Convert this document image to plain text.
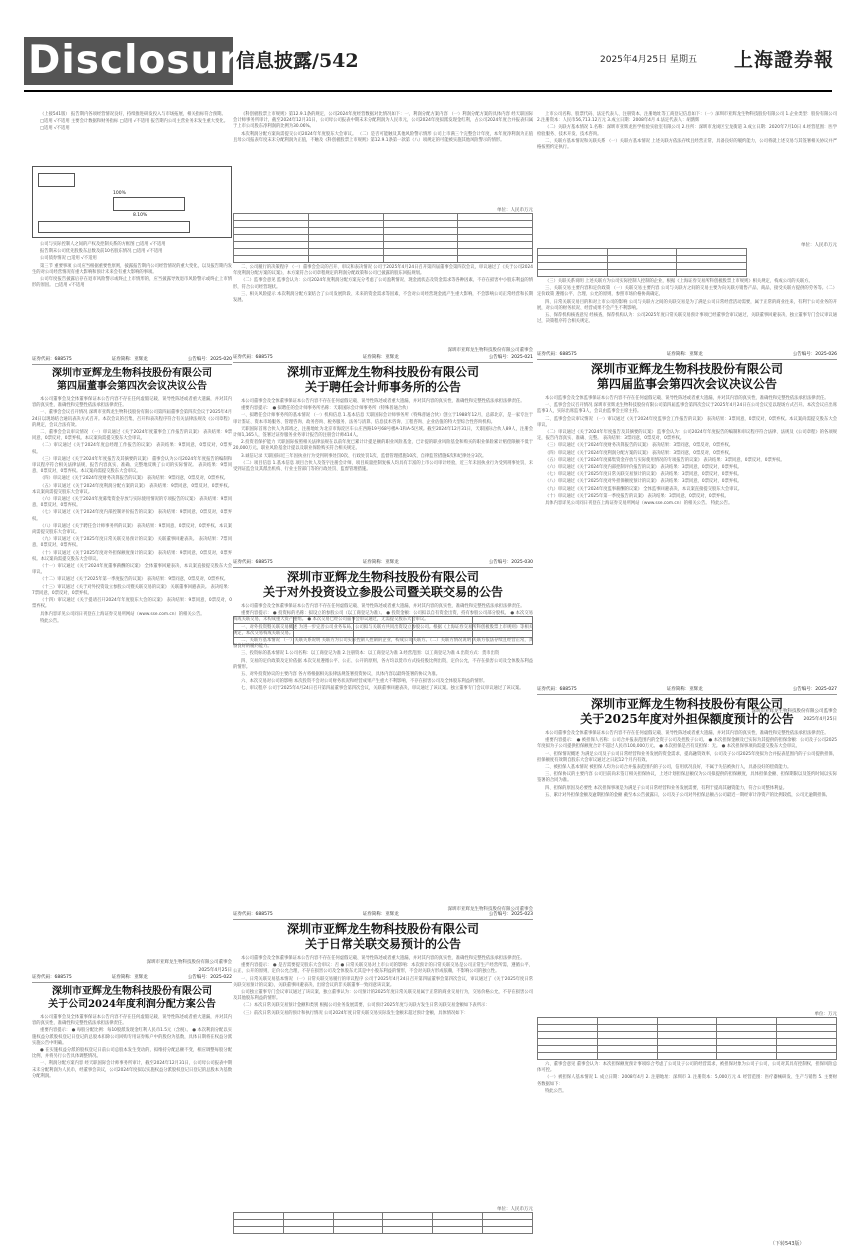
Disclosure
信息披露/542	2025年4月25日 星期五 上海證券報

（上接541版） 报告期内各项经营情况良好，持续推进研发投入与市场拓展，相关指标符合预期。

□适用 √不适用 主要会计数据和财务指标 □适用 √不适用 报告期内公司主营业务未发生重大变化。

□适用 √不适用

100%
8.10%

公司与实际控制人之间的产权及控制关系的方框图 □适用 √不适用

报告期末公司优先股股东总数及前10名股东情况 □适用 √不适用

公司债券情况 □适用 √不适用

第三节 重要事项 公司应当根据重要性原则，披露报告期内公司经营情况的重大变化，以及报告期内发生的对公司经营情况有重大影响和预计未来会有重大影响的事项。

公司年度报告披露后存在退市风险警示或终止上市情形的，应当披露导致退市风险警示或终止上市情形的原因。 □适用 √不适用

证券代码：688575	证券简称：亚辉龙	公告编号：2025-020
深圳市亚辉龙生物科技股份有限公司
第四届董事会第四次会议决议公告

本公司董事会及全体董事保证本公告内容不存在任何虚假记载、误导性陈述或者重大遗漏，并对其内容的真实性、准确性和完整性依法承担法律责任。

一、董事会会议召开情况 深圳市亚辉龙生物科技股份有限公司第四届董事会第四次会议于2025年4月24日以现场结合通讯表决方式召开。本次会议的召集、召开和表决程序符合有关法律法规及《公司章程》的规定，会议合法有效。

二、董事会会议审议情况 （一）审议通过《关于2024年度董事会工作报告的议案》 表决结果：9票同意，0票反对，0票弃权。本议案尚需提交股东大会审议。

（二）审议通过《关于2024年度总经理工作报告的议案》 表决结果：9票同意，0票反对，0票弃权。

（三）审议通过《关于2024年年度报告及其摘要的议案》 董事会认为公司2024年年度报告的编制和审议程序符合相关法律法规，报告内容真实、准确、完整地反映了公司的实际情况。 表决结果：9票同意，0票反对，0票弃权。本议案尚需提交股东大会审议。

（四）审议通过《关于2024年度财务决算报告的议案》 表决结果：9票同意，0票反对，0票弃权。

（五）审议通过《关于2024年度利润分配方案的议案》 表决结果：9票同意，0票反对，0票弃权。本议案尚需提交股东大会审议。

（六）审议通过《关于2024年度募集资金存放与实际使用情况的专项报告的议案》 表决结果：9票同意，0票反对，0票弃权。

（七）审议通过《关于2024年度内部控制评价报告的议案》 表决结果：9票同意，0票反对，0票弃权。

（八）审议通过《关于聘任会计师事务所的议案》 表决结果：9票同意，0票反对，0票弃权。本议案尚需提交股东大会审议。

（九）审议通过《关于2025年度日常关联交易预计的议案》 关联董事回避表决。 表决结果：7票同意，0票反对，0票弃权。

（十）审议通过《关于2025年度对外担保额度预计的议案》 表决结果：9票同意，0票反对，0票弃权。本议案尚需提交股东大会审议。

（十一）审议通过《关于2024年度董事薪酬的议案》 全体董事回避表决，本议案直接提交股东大会审议。

（十二）审议通过《关于2025年第一季度报告的议案》 表决结果：9票同意，0票反对，0票弃权。

（十三）审议通过《关于对外投资设立参股公司暨关联交易的议案》 关联董事回避表决。 表决结果：7票同意，0票反对，0票弃权。

（十四）审议通过《关于提请召开2024年年度股东大会的议案》 表决结果：9票同意，0票反对，0票弃权。

具体内容详见公司同日刊登在上海证券交易所网站（www.sse.com.cn）的相关公告。

特此公告。

深圳市亚辉龙生物科技股份有限公司董事会
2025年4月25日
证券代码：688575	证券简称：亚辉龙	公告编号：2025-022
深圳市亚辉龙生物科技股份有限公司
关于公司2024年度利润分配方案公告

本公司董事会及全体董事保证本公告内容不存在任何虚假记载、误导性陈述或者重大遗漏，并对其内容的真实性、准确性和完整性依法承担法律责任。

重要内容提示： ● 每股分配比例：每10股派发现金红利人民币1.5元（含税）。 ● 本次利润分配以实施权益分派股权登记日登记的总股本扣除公司回购专用证券账户中的股份为基数，具体日期将在权益分派实施公告中明确。

● 在实施权益分派的股权登记日前公司总股本发生变动的，拟维持分配总额不变，相应调整每股分配比例，并将另行公告具体调整情况。

一、利润分配方案内容 经天职国际会计师事务所审计，截至2024年12月31日，公司母公司报表中期末未分配利润为人民币，经董事会决议，公司2024年度拟以实施权益分派股权登记日登记的总股本为基数分配利润。

《科创板股票上市规则》第12.9.1条的规定，公司2024年度经营数据对比情况如下：一、利润分配方案内容 （一）利润分配方案的具体内容 经天职国际会计师事务所审计，截至2024年12月31日，公司母公司报表中期末未分配利润为人民币元，公司2024年度拟派发现金红利，占公司2024年度合并报表归属于上市公司股东净利润的比例为30.06%。

本次利润分配方案尚需提交公司2024年年度股东大会审议。 （二）是否可能触及其他风险警示情形 公司上市满三个完整会计年度，本年度净利润为正值且母公司报表年度末未分配利润为正值，不触及《科创板股票上市规则》第12.9.1条第一款第（八）项规定的可能被实施其他风险警示的情形。

单位：人民币万元

二、公司履行的决策程序 （一）董事会会议的召开、审议和表决情况 公司于2025年4月24日召开第四届董事会第四次会议，审议通过了《关于公司2024年度利润分配方案的议案》，本方案符合公司章程规定的利润分配政策和公司已披露的股东回报规划。

（二）监事会意见 监事会认为：公司2024年度利润分配方案充分考虑了公司盈利情况、现金流状态及资金需求等各种因素，不存在损害中小股东利益的情形，符合公司经营现状。

三、相关风险提示 本次利润分配方案结合了公司发展阶段、未来的资金需求等因素，不会对公司经营现金流产生重大影响，不会影响公司正常经营和长期发展。

深圳市亚辉龙生物科技股份有限公司董事会
证券代码：688575	证券简称：亚辉龙	公告编号：2025-021
深圳市亚辉龙生物科技股份有限公司
关于聘任会计师事务所的公告

本公司董事会及全体董事保证本公告内容不存在任何虚假记载、误导性陈述或者重大遗漏，并对其内容的真实性、准确性和完整性依法承担法律责任。

重要内容提示： ● 拟聘任的会计师事务所名称：天职国际会计师事务所（特殊普通合伙）

一、拟聘任会计师事务所的基本情况 （一）机构信息 1.基本信息 天职国际会计师事务所（特殊普通合伙）创立于1988年12月，总部北京，是一家专注于审计鉴证、资本市场服务、管理咨询、政务咨询、税务服务、法务与清算、信息技术咨询、工程咨询、企业估值的特大型综合性咨询机构。

天职国际首席合伙人为邱靖之，注册地址为北京市海淀区车公庄西路19号68号楼A-1和A-5区域。截至2024年12月31日，天职国际合伙人89人，注册会计师1,165人，签署过证券服务业务审计报告的注册会计师414人。

2.投资者保护能力 天职国际按照相关法律法规在以前年度已累计计提足额的职业风险基金，已计提的职业风险基金和购买的职业保险累计赔偿限额不低于20,000万元。职业风险基金计提以及职业保险购买符合相关规定。

3.诚信记录 天职国际近三年因执业行为受到刑事处罚0次、行政处罚1次、监督管理措施10次、自律监管措施6次和纪律处分3次。

（二）项目信息 1.基本信息 项目合伙人及签字注册会计师、项目质量控制复核人均具有丰富的上市公司审计经验，近三年未因执业行为受到刑事处罚，未受到证监会及其派出机构、行业主管部门等的行政处罚、监督管理措施。

证券代码：688575	证券简称：亚辉龙	公告编号：2025-023
深圳市亚辉龙生物科技股份有限公司
关于日常关联交易预计的公告

本公司董事会及全体董事保证本公告内容不存在任何虚假记载、误导性陈述或者重大遗漏，并对其内容的真实性、准确性和完整性依法承担法律责任。

重要内容提示： ● 是否需要提交股东大会审议：否 ● 日常关联交易对上市公司的影响：本次预计的日常关联交易是公司正常生产经营所需，遵循公平、公正、公开的原则，定价公允合理，不存在损害公司及全体股东尤其是中小股东利益的情形，不会对关联方形成依赖，不影响公司的独立性。

一、日常关联交易基本情况 （一）日常关联交易履行的审议程序 公司于2025年4月24日召开第四届董事会第四次会议，审议通过了《关于2025年度日常关联交易预计的议案》，关联董事回避表决，出席会议的非关联董事一致同意该议案。

公司独立董事专门会议审议通过了该议案，独立董事认为：公司预计的2025年度日常关联交易属于正常的商业交易行为，交易价格公允，不存在损害公司及其他股东利益的情形。

（二）本次日常关联交易预计金额和类别 根据公司业务发展需要，公司预计2025年度与关联方发生日常关联交易金额如下表所示：

（三）前次日常关联交易的预计和执行情况 公司2024年度日常关联交易实际发生金额未超过预计金额，具体情况如下：

单位：人民币万元

上市公司名称、股票代码、法定代表人、注册资本、注册地址等工商登记信息如下：（一）深圳市亚辉龙生物科技股份有限公司 1.企业类型：股份有限公司 2.注册资本：人民币56,713.12万元 3.成立日期：2008年4月 4.法定代表人：胡鹍辉

（二）关联方基本情况 1.名称：深圳市亚辉龙医学检验实验室有限公司 2.住所：深圳市龙岗区宝龙街道 3.成立日期：2020年7月10日 4.经营范围：医学检验服务、技术开发、技术咨询。

二、关联方基本情况和关联关系 （一）关联方基本情况 上述关联方依法存续且经营正常，具备良好的履约能力，公司将就上述交易与其签署相关协议并严格按照约定执行。

单位：人民币万元

（三）关联关系说明 上述关联方为公司实际控制人控制的企业，根据《上海证券交易所科创板股票上市规则》相关规定，构成公司的关联方。

三、关联交易主要内容和定价政策 （一）关联交易主要内容 公司与关联方之间的交易主要为向关联方销售产品、商品，接受关联方提供的劳务等。（二）定价政策 遵循公平、合理、公允的原则，参照市场价格协商确定。

四、日常关联交易目的和对上市公司的影响 公司与关联方之间的关联交易是为了满足公司日常经营活动需要，属于正常的商业往来，有利于公司业务的开展，对公司的财务状况、经营成果不会产生不利影响。

五、保荐机构核查意见 经核查，保荐机构认为：公司2025年度日常关联交易预计事项已经董事会审议通过，关联董事回避表决，独立董事专门会议审议通过，决策程序符合相关规定。

证券代码：688575	证券简称：亚辉龙	公告编号：2025-026
深圳市亚辉龙生物科技股份有限公司
第四届监事会第四次会议决议公告

本公司监事会及全体监事保证本公告内容不存在任何虚假记载、误导性陈述或者重大遗漏，并对其内容的真实性、准确性和完整性依法承担法律责任。

一、监事会会议召开情况 深圳市亚辉龙生物科技股份有限公司第四届监事会第四次会议于2025年4月24日在公司会议室以现场方式召开。本次会议应出席监事3人，实际出席监事3人，会议由监事会主席主持。

二、监事会会议审议情况 （一）审议通过《关于2024年度监事会工作报告的议案》 表决结果：3票同意，0票反对，0票弃权。本议案尚需提交股东大会审议。

（二）审议通过《关于2024年年度报告及其摘要的议案》 监事会认为：公司2024年年度报告的编制和审议程序符合法律、法规及《公司章程》的各项规定，报告内容真实、准确、完整。 表决结果：3票同意，0票反对，0票弃权。

（三）审议通过《关于2024年度财务决算报告的议案》 表决结果：3票同意，0票反对，0票弃权。

（四）审议通过《关于2024年度利润分配方案的议案》 表决结果：3票同意，0票反对，0票弃权。

（五）审议通过《关于2024年度募集资金存放与实际使用情况的专项报告的议案》 表决结果：3票同意，0票反对，0票弃权。

（六）审议通过《关于2024年度内部控制评价报告的议案》 表决结果：3票同意，0票反对，0票弃权。

（七）审议通过《关于2025年度日常关联交易预计的议案》 表决结果：3票同意，0票反对，0票弃权。

（八）审议通过《关于2025年度对外担保额度预计的议案》 表决结果：3票同意，0票反对，0票弃权。

（九）审议通过《关于2024年度监事薪酬的议案》 全体监事回避表决，本议案直接提交股东大会审议。

（十）审议通过《关于2025年第一季度报告的议案》 表决结果：3票同意，0票反对，0票弃权。

具体内容详见公司同日刊登在上海证券交易所网站（www.sse.com.cn）的相关公告。 特此公告。

深圳市亚辉龙生物科技股份有限公司监事会
2025年4月25日
证券代码：688575	证券简称：亚辉龙	公告编号：2025-027
深圳市亚辉龙生物科技股份有限公司
关于2025年度对外担保额度预计的公告

本公司董事会及全体董事保证本公告内容不存在任何虚假记载、误导性陈述或者重大遗漏，并对其内容的真实性、准确性和完整性依法承担法律责任。

重要内容提示： ● 被担保人名称：公司合并报表范围内的全资子公司及控股子公司。 ● 本次担保金额及已实际为其提供的担保余额：公司及子公司2025年度拟为子公司提供担保额度合计不超过人民币100,000万元。 ● 本次担保是否有反担保：无。 ● 本次担保事项尚需提交股东大会审议。

一、担保情况概述 为满足公司及子公司日常经营和业务发展的资金需求，提高融资效率，公司及子公司2025年度拟为合并报表范围内的子公司提供担保，担保额度有效期自股东大会审议通过之日起12个月内有效。

二、被担保人基本情况 被担保人均为公司合并报表范围内的子公司，信用状况良好，不属于失信被执行人，具备良好的偿债能力。

三、担保协议的主要内容 公司目前尚未签订相关担保协议，上述计划担保总额仅为公司拟提供的担保额度，具体担保金额、担保期限以及签约时间以实际签署的合同为准。

四、担保的原因及必要性 本次担保事项是为满足子公司日常经营和业务发展需要，有利于提高其融资能力，符合公司整体利益。

五、累计对外担保金额及逾期担保的金额 截至本公告披露日，公司及子公司对外担保总额占公司最近一期经审计净资产的比例较低，公司无逾期担保。

单位：万元

六、董事会意见 董事会认为：本次担保额度预计事项综合考虑了公司及子公司的经营需求，被担保对象为公司子公司，公司对其具有控制权，担保风险总体可控。

（一）被担保人基本情况 1. 成立日期：2008年4月 2. 注册地址：深圳市 3. 注册资本：5,000万元 4. 经营范围：医疗器械研发、生产与销售 5. 主要财务数据如下：

特此公告。

证券代码：688575	证券简称：亚辉龙	公告编号：2025-030
深圳市亚辉龙生物科技股份有限公司
关于对外投资设立参股公司暨关联交易的公告

本公司董事会及全体董事保证本公告内容不存在任何虚假记载、误导性陈述或者重大遗漏，并对其内容的真实性、准确性和完整性依法承担法律责任。

重要内容提示： ● 投资标的名称：拟设立的参股公司（以工商登记为准）。 ● 投资金额：公司拟以自有资金出资，持有参股公司部分股权。 ● 本次交易构成关联交易，未构成重大资产重组。 ● 本次交易已经公司董事会审议通过，无需提交股东大会审议。

一、对外投资暨关联交易概述 为进一步完善公司业务布局，公司拟与关联方共同出资设立参股公司。根据《上海证券交易所科创板股票上市规则》等相关规定，本次交易构成关联交易。

二、关联方基本情况 （一）关联关系说明 关联方为公司实际控制人控制的企业，构成公司关联方。（二）关联方情况说明 关联方依法存续且经营正常，具备良好的履约能力。

三、投资标的基本情况 1.公司名称：以工商登记为准 2.注册资本：以工商登记为准 3.经营范围：以工商登记为准 4.出资方式：货币出资

四、交易的定价政策及定价依据 本次交易遵循公平、公正、公开的原则，各方均以货币方式按持股比例出资，定价公允，不存在损害公司及全体股东利益的情形。

五、对外投资协议的主要内容 各方将根据相关法律法规签署投资协议，具体内容以最终签署的协议为准。

六、本次交易对公司的影响 本次投资不会对公司财务状况和经营成果产生重大不利影响，不存在损害公司及全体股东利益的情形。

七、审议程序 公司于2025年4月24日召开第四届董事会第四次会议，关联董事回避表决，审议通过了该议案。独立董事专门会议审议通过了该议案。

深圳市亚辉龙生物科技股份有限公司董事会
（下转543版）
